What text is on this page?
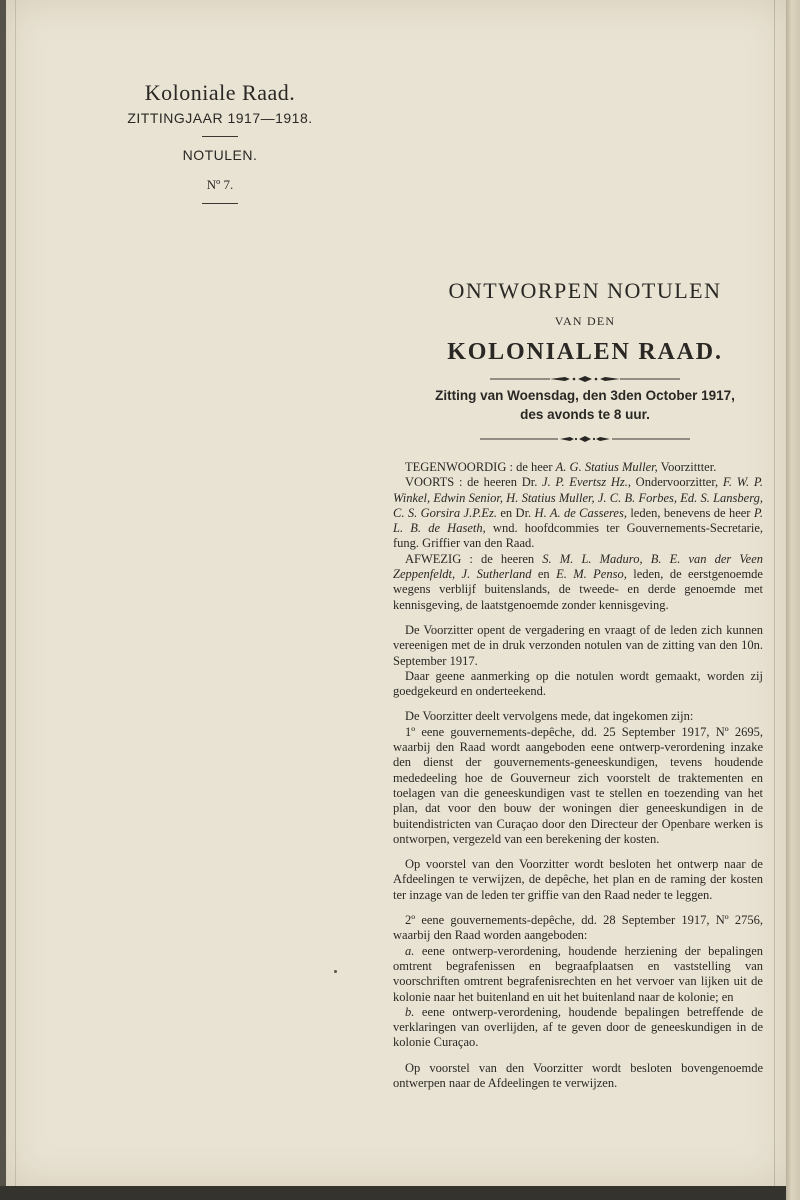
Koloniale Raad.
ZITTINGJAAR 1917—1918.
NOTULEN.
Nº 7.
ONTWORPEN NOTULEN
VAN DEN
KOLONIALEN RAAD.
Zitting van Woensdag, den 3den October 1917,
des avonds te 8 uur.

TEGENWOORDIG : de heer A. G. Statius Muller, Voorzittter.

VOORTS : de heeren Dr. J. P. Evertsz Hz., Ondervoorzitter, F. W. P. Winkel, Edwin Senior, H. Statius Muller, J. C. B. Forbes, Ed. S. Lansberg, C. S. Gorsira J.P.Ez. en Dr. H. A. de Casseres, leden, benevens de heer P. L. B. de Haseth, wnd. hoofdcommies ter Gouvernements-Secretarie, fung. Griffier van den Raad.

AFWEZIG : de heeren S. M. L. Maduro, B. E. van der Veen Zeppenfeldt, J. Sutherland en E. M. Penso, leden, de eerstgenoemde wegens verblijf buitenslands, de tweede- en derde genoemde met kennisgeving, de laatstgenoemde zonder kennisgeving.

De Voorzitter opent de vergadering en vraagt of de leden zich kunnen vereenigen met de in druk verzonden notulen van de zitting van den 10n. September 1917.

Daar geene aanmerking op die notulen wordt gemaakt, worden zij goedgekeurd en onderteekend.

De Voorzitter deelt vervolgens mede, dat ingekomen zijn:

1º eene gouvernements-depêche, dd. 25 September 1917, Nº 2695, waarbij den Raad wordt aangeboden eene ontwerp-verordening inzake den dienst der gouvernements-geneeskundigen, tevens houdende mededeeling hoe de Gouverneur zich voorstelt de traktementen en toelagen van die geneeskundigen vast te stellen en toezending van het plan, dat voor den bouw der woningen dier geneeskundigen in de buitendistricten van Curaçao door den Directeur der Openbare werken is ontworpen, vergezeld van een berekening der kosten.

Op voorstel van den Voorzitter wordt besloten het ontwerp naar de Afdeelingen te verwijzen, de depêche, het plan en de raming der kosten ter inzage van de leden ter griffie van den Raad neder te leggen.

2º eene gouvernements-depêche, dd. 28 September 1917, Nº 2756, waarbij den Raad worden aangeboden:

a. eene ontwerp-verordening, houdende herziening der bepalingen omtrent begrafenissen en begraafplaatsen en vaststelling van voorschriften omtrent begrafenisrechten en het vervoer van lijken uit de kolonie naar het buitenland en uit het buitenland naar de kolonie; en

b. eene ontwerp-verordening, houdende bepalingen betreffende de verklaringen van overlijden, af te geven door de geneeskundigen in de kolonie Curaçao.

Op voorstel van den Voorzitter wordt besloten bovengenoemde ontwerpen naar de Afdeelingen te verwijzen.
